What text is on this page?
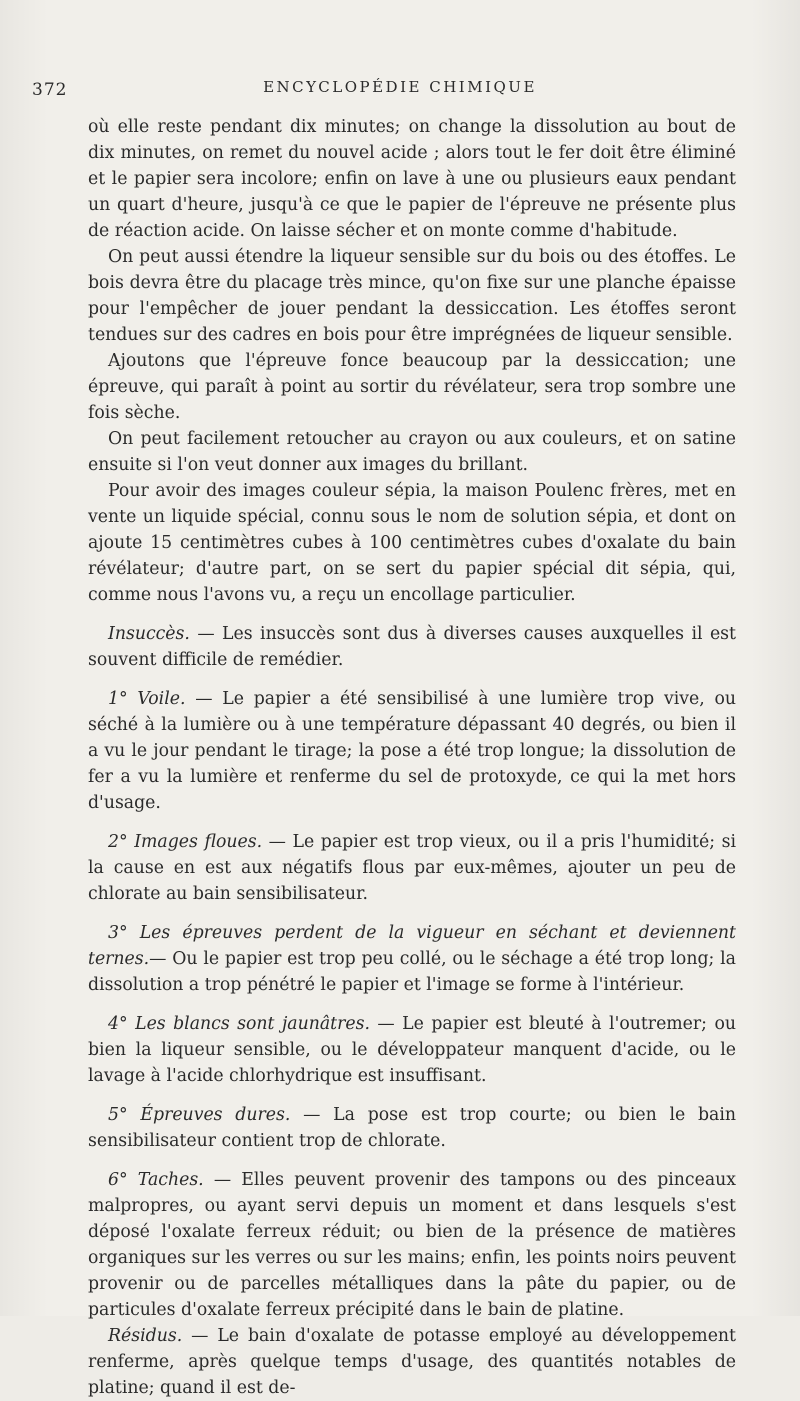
372	ENCYCLOPÉDIE CHIMIQUE

où elle reste pendant dix minutes; on change la dissolution au bout de dix minutes, on remet du nouvel acide ; alors tout le fer doit être éliminé et le papier sera incolore; enfin on lave à une ou plusieurs eaux pendant un quart d'heure, jusqu'à ce que le papier de l'épreuve ne présente plus de réaction acide. On laisse sécher et on monte comme d'habitude.

On peut aussi étendre la liqueur sensible sur du bois ou des étoffes. Le bois devra être du placage très mince, qu'on fixe sur une planche épaisse pour l'empêcher de jouer pendant la dessiccation. Les étoffes seront tendues sur des cadres en bois pour être imprégnées de liqueur sensible.

Ajoutons que l'épreuve fonce beaucoup par la dessiccation; une épreuve, qui paraît à point au sortir du révélateur, sera trop sombre une fois sèche.

On peut facilement retoucher au crayon ou aux couleurs, et on satine ensuite si l'on veut donner aux images du brillant.

Pour avoir des images couleur sépia, la maison Poulenc frères, met en vente un liquide spécial, connu sous le nom de solution sépia, et dont on ajoute 15 centimètres cubes à 100 centimètres cubes d'oxalate du bain révélateur; d'autre part, on se sert du papier spécial dit sépia, qui, comme nous l'avons vu, a reçu un encollage particulier.

Insuccès. — Les insuccès sont dus à diverses causes auxquelles il est souvent difficile de remédier.

1° Voile. — Le papier a été sensibilisé à une lumière trop vive, ou séché à la lumière ou à une température dépassant 40 degrés, ou bien il a vu le jour pendant le tirage; la pose a été trop longue; la dissolution de fer a vu la lumière et renferme du sel de protoxyde, ce qui la met hors d'usage.

2° Images floues. — Le papier est trop vieux, ou il a pris l'humidité; si la cause en est aux négatifs flous par eux-mêmes, ajouter un peu de chlorate au bain sensibilisateur.

3° Les épreuves perdent de la vigueur en séchant et deviennent ternes.— Ou le papier est trop peu collé, ou le séchage a été trop long; la dissolution a trop pénétré le papier et l'image se forme à l'intérieur.

4° Les blancs sont jaunâtres. — Le papier est bleuté à l'outremer; ou bien la liqueur sensible, ou le développateur manquent d'acide, ou le lavage à l'acide chlorhydrique est insuffisant.

5° Épreuves dures. — La pose est trop courte; ou bien le bain sensibilisateur contient trop de chlorate.

6° Taches. — Elles peuvent provenir des tampons ou des pinceaux malpropres, ou ayant servi depuis un moment et dans lesquels s'est déposé l'oxalate ferreux réduit; ou bien de la présence de matières organiques sur les verres ou sur les mains; enfin, les points noirs peuvent provenir ou de parcelles métalliques dans la pâte du papier, ou de particules d'oxalate ferreux précipité dans le bain de platine.

Résidus. — Le bain d'oxalate de potasse employé au développement renferme, après quelque temps d'usage, des quantités notables de platine; quand il est de-
